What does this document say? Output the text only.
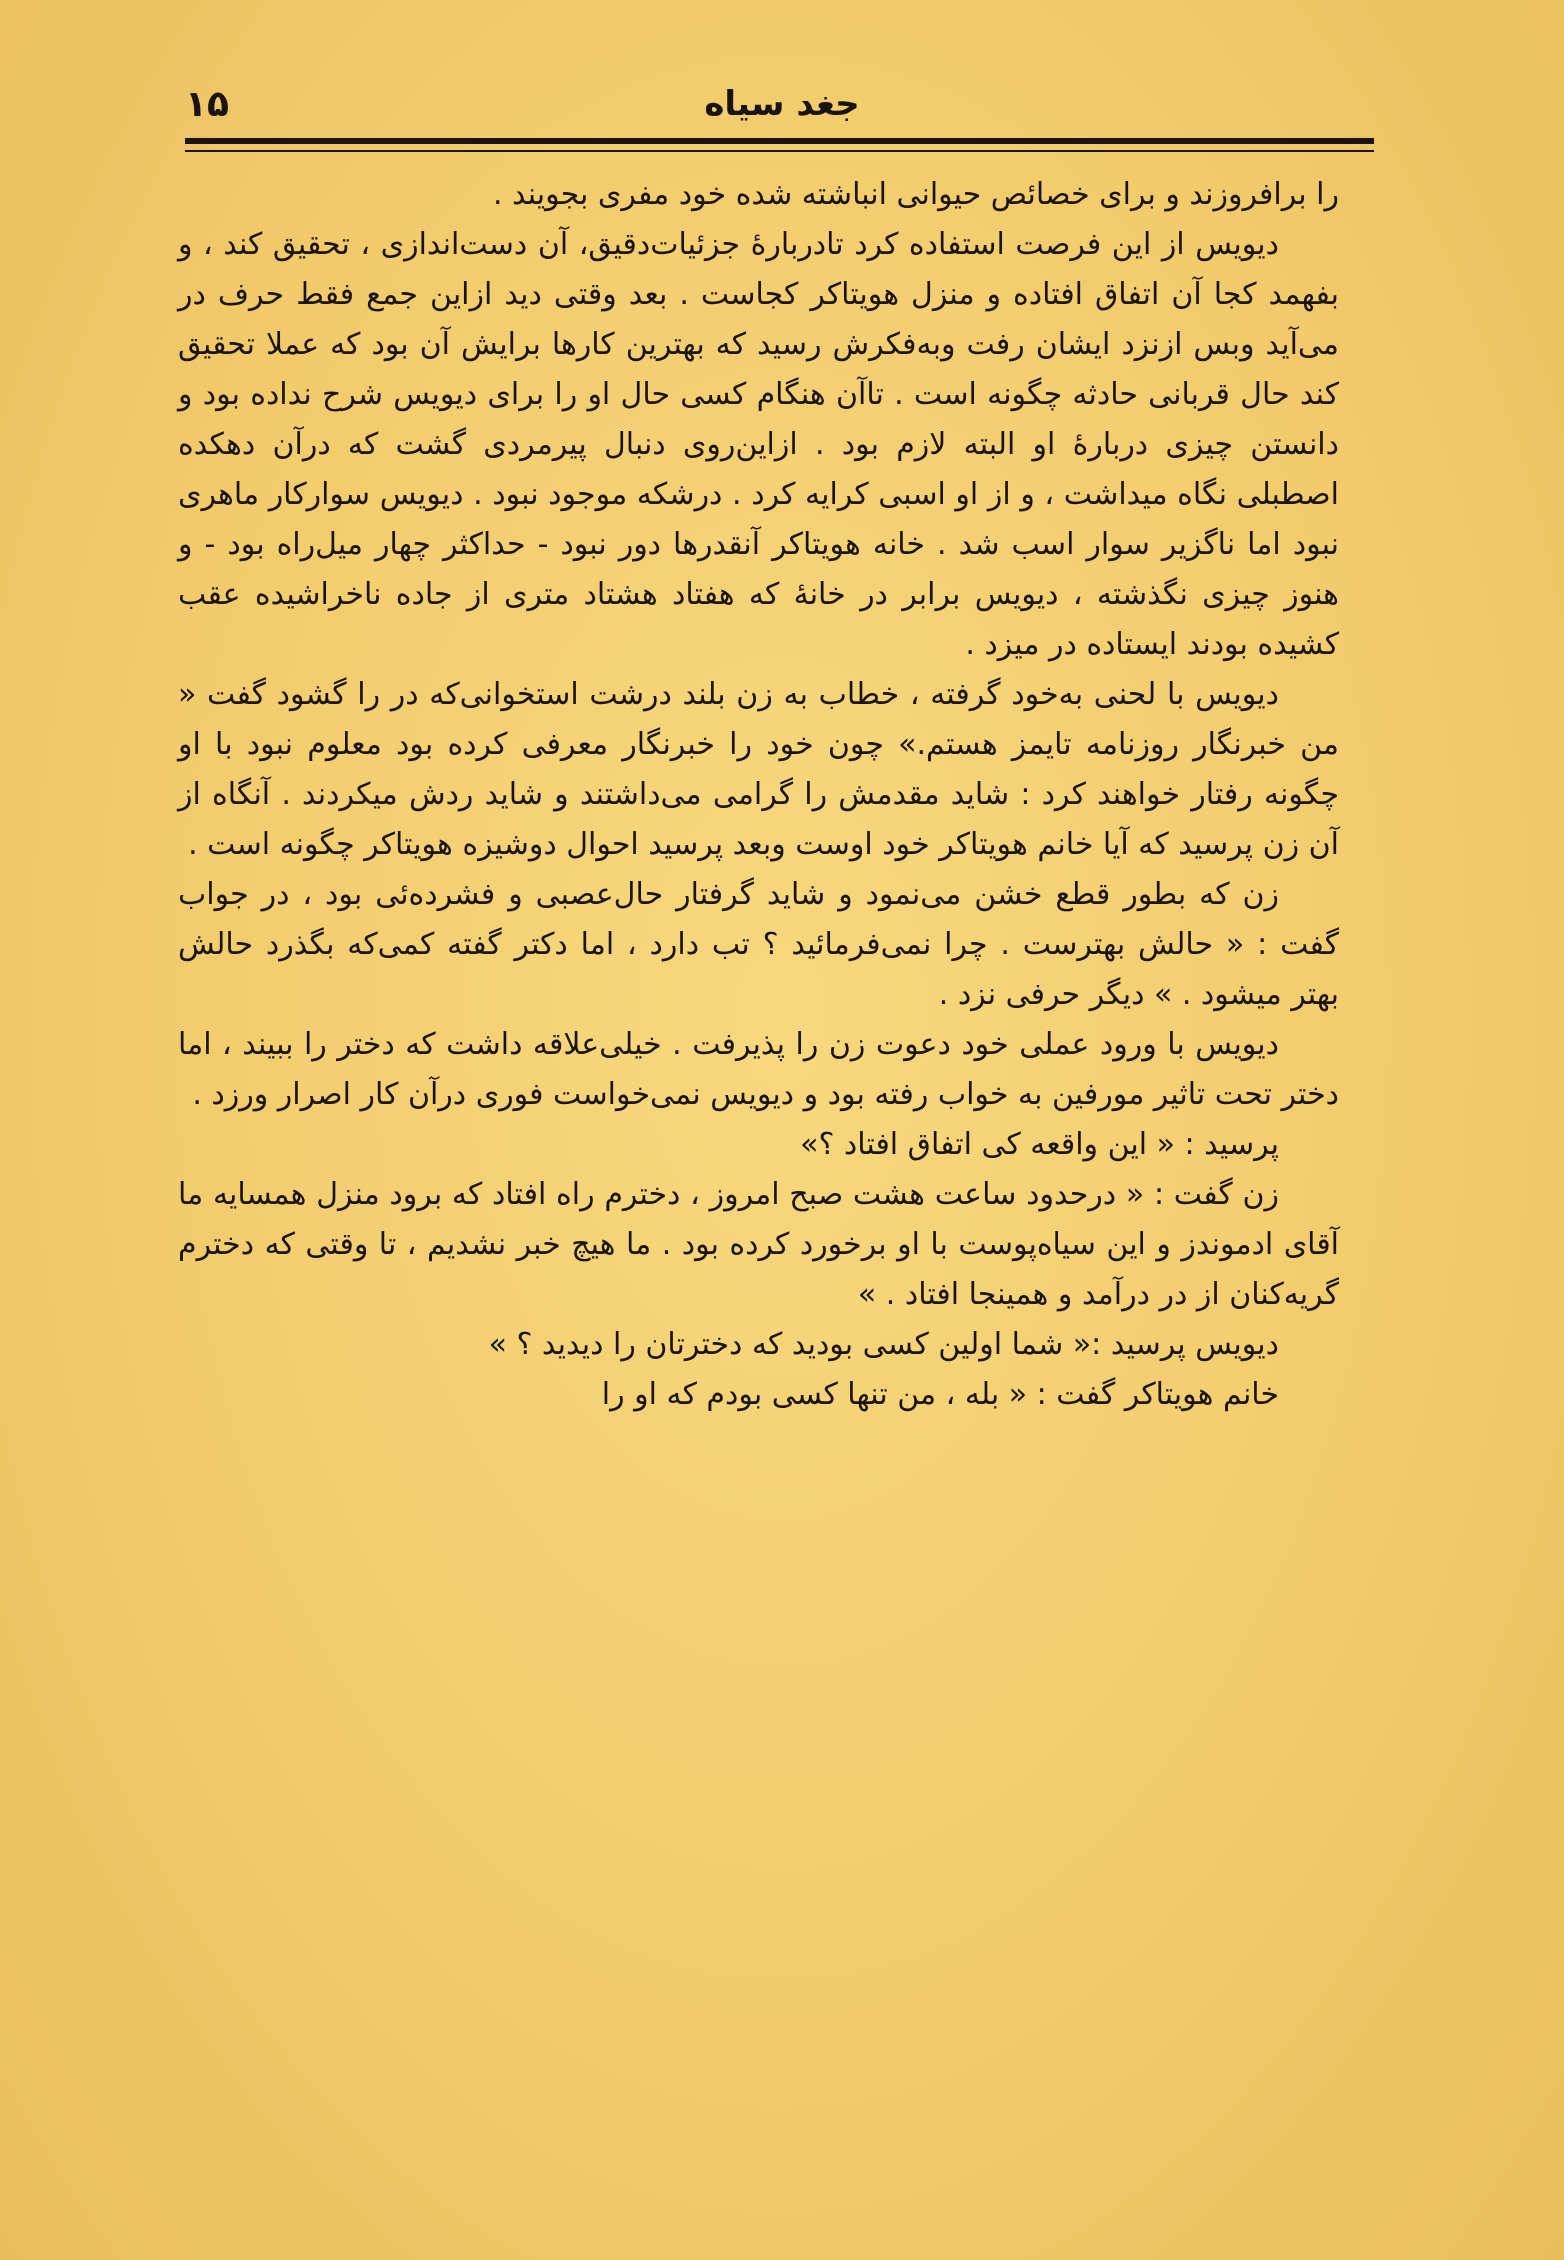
۱۵	جغد سیاه

را برافروزند و برای خصائص حیوانی انباشته شده خود مفری بجویند .

دیویس از این فرصت استفاده کرد تادربارهٔ جزئیات‌دقیق، آن دست‌اندازی ، تحقیق کند ، و بفهمد کجا آن اتفاق افتاده و منزل هویتاکر کجاست . بعد وقتی دید ازاین جمع فقط حرف در می‌آید وبس ازنزد ایشان رفت وبه‌فکرش رسید که بهترین کارها برایش آن بود که عملا تحقیق کند حال قربانی حادثه چگونه است . تاآن هنگام کسی حال او را برای دیویس شرح نداده بود و دانستن چیزی دربارهٔ او البته لازم بود . ازاین‌روی دنبال پیرمردی گشت که درآن دهکده اصطبلی نگاه میداشت ، و از او اسبی کرایه کرد . درشکه موجود نبود . دیویس سوارکار ماهری نبود اما ناگزیر سوار اسب شد . خانه هویتاکر آنقدرها دور نبود - حداکثر چهار میل‌راه بود - و هنوز چیزی نگذشته ، دیویس برابر در خانهٔ که هفتاد هشتاد متری از جاده ناخراشیده عقب کشیده بودند ایستاده در میزد .

دیویس با لحنی به‌خود گرفته ، خطاب به زن بلند درشت استخوانی‌که در را گشود گفت « من خبرنگار روزنامه تایمز هستم.» چون خود را خبرنگار معرفی کرده بود معلوم نبود با او چگونه رفتار خواهند کرد : شاید مقدمش را گرامی می‌داشتند و شاید ردش میکردند . آنگاه از آن زن پرسید که آیا خانم هویتاکر خود اوست وبعد پرسید احوال دوشیزه هویتاکر چگونه است .

زن که بطور قطع خشن می‌نمود و شاید گرفتار حال‌عصبی و فشرده‌ئی بود ، در جواب گفت : « حالش بهترست . چرا نمی‌فرمائید ؟ تب دارد ، اما دکتر گفته کمی‌که بگذرد حالش بهتر میشود . » دیگر حرفی نزد .

دیویس با ورود عملی خود دعوت زن را پذیرفت . خیلی‌علاقه داشت که دختر را ببیند ، اما دختر تحت تاثیر مورفین به خواب رفته بود و دیویس نمی‌خواست فوری درآن کار اصرار ورزد .

پرسید : « این واقعه کی اتفاق افتاد ؟»

زن گفت : « درحدود ساعت هشت صبح امروز ، دخترم راه افتاد که برود منزل همسایه ما آقای ادموندز و این سیاه‌پوست با او برخورد کرده بود . ما هیچ خبر نشدیم ، تا وقتی که دخترم گریه‌کنان از در درآمد و همینجا افتاد . »

دیویس پرسید :« شما اولین کسی بودید که دخترتان را دیدید ؟ »

خانم هویتاکر گفت : « بله ، من تنها کسی بودم که او را
